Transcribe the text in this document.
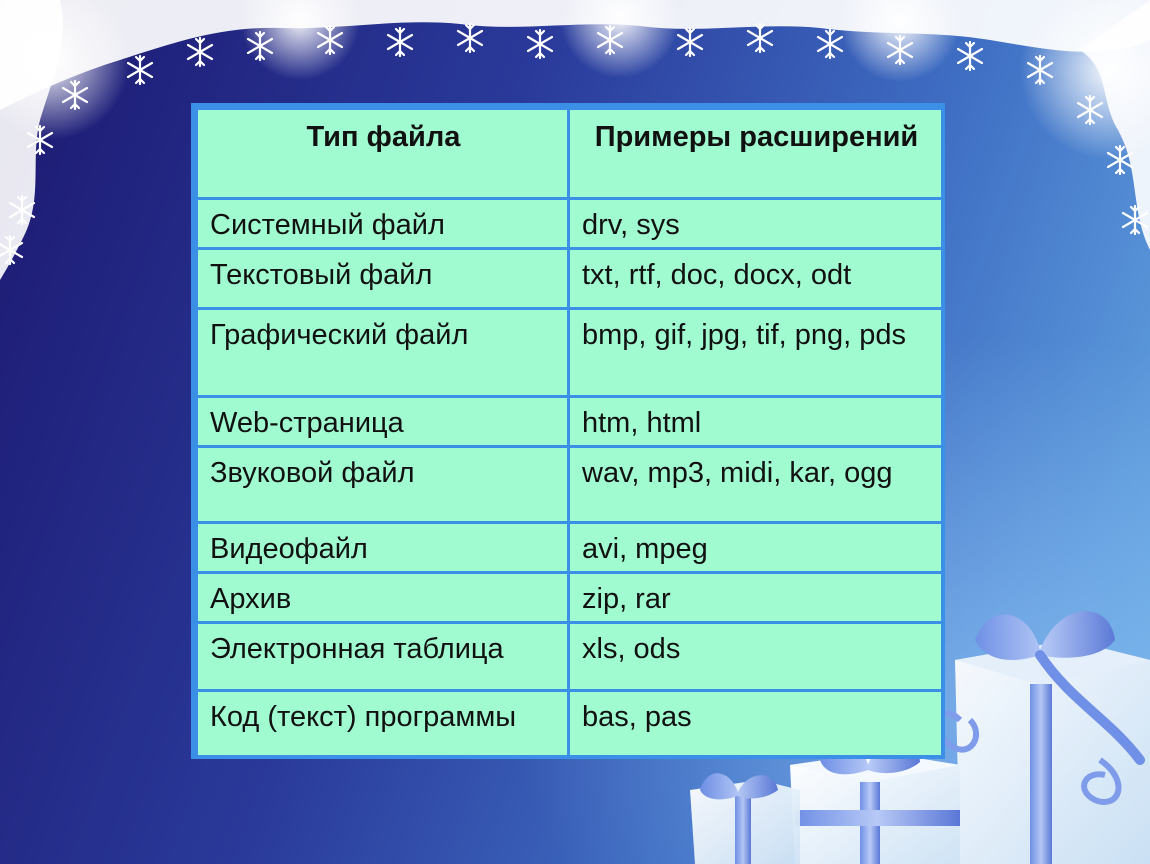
Тип файла	Примеры расширений
Системный файл	drv, sys
Текстовый файл	txt, rtf, doc, docx, odt
Графический файл	bmp, gif, jpg, tif, png, pds
Web-страница	htm, html
Звуковой файл	wav, mp3, midi, kar, ogg
Видеофайл	avi, mpeg
Архив	zip, rar
Электронная таблица	xls, ods
Код (текст) программы	bas, pas
